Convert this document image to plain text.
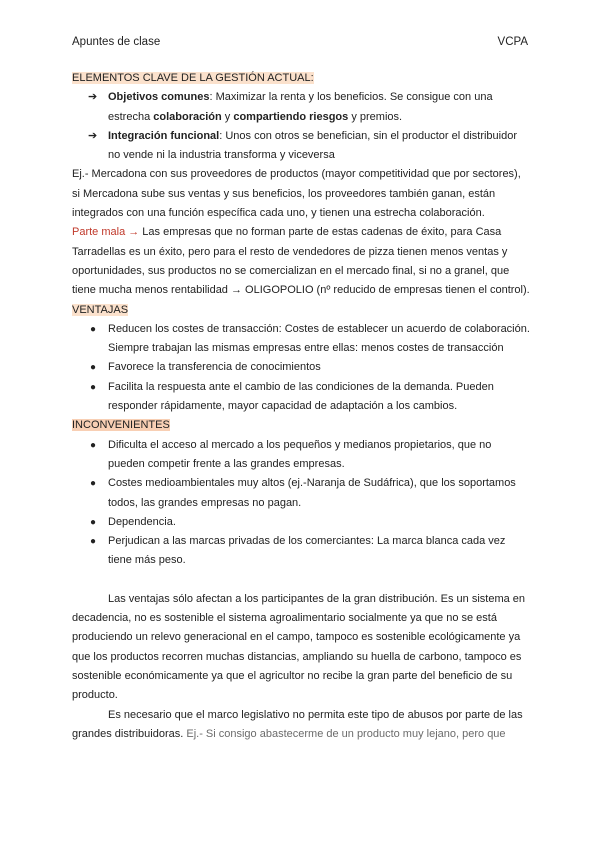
Apuntes de clase	VCPA

ELEMENTOS CLAVE DE LA GESTIÓN ACTUAL:

➔ Objetivos comunes: Maximizar la renta y los beneficios. Se consigue con una estrecha colaboración y compartiendo riesgos y premios.
➔ Integración funcional: Unos con otros se benefician, sin el productor el distribuidor no vende ni la industria transforma y viceversa

Ej.- Mercadona con sus proveedores de productos (mayor competitividad que por sectores), si Mercadona sube sus ventas y sus beneficios, los proveedores también ganan, están integrados con una función específica cada uno, y tienen una estrecha colaboración.

Parte mala → Las empresas que no forman parte de estas cadenas de éxito, para Casa Tarradellas es un éxito, pero para el resto de vendedores de pizza tienen menos ventas y oportunidades, sus productos no se comercializan en el mercado final, si no a granel, que tiene mucha menos rentabilidad → OLIGOPOLIO (nº reducido de empresas tienen el control).

VENTAJAS

● Reducen los costes de transacción: Costes de establecer un acuerdo de colaboración. Siempre trabajan las mismas empresas entre ellas: menos costes de transacción
● Favorece la transferencia de conocimientos
● Facilita la respuesta ante el cambio de las condiciones de la demanda. Pueden responder rápidamente, mayor capacidad de adaptación a los cambios.

INCONVENIENTES

● Dificulta el acceso al mercado a los pequeños y medianos propietarios, que no pueden competir frente a las grandes empresas.
● Costes medioambientales muy altos (ej.-Naranja de Sudáfrica), que los soportamos todos, las grandes empresas no pagan.
● Dependencia.
● Perjudican a las marcas privadas de los comerciantes: La marca blanca cada vez tiene más peso.

Las ventajas sólo afectan a los participantes de la gran distribución. Es un sistema en decadencia, no es sostenible el sistema agroalimentario socialmente ya que no se está produciendo un relevo generacional en el campo, tampoco es sostenible ecológicamente ya que los productos recorren muchas distancias, ampliando su huella de carbono, tampoco es sostenible económicamente ya que el agricultor no recibe la gran parte del beneficio de su producto.

Es necesario que el marco legislativo no permita este tipo de abusos por parte de las grandes distribuidoras. Ej.- Si consigo abastecerme de un producto muy lejano, pero que
